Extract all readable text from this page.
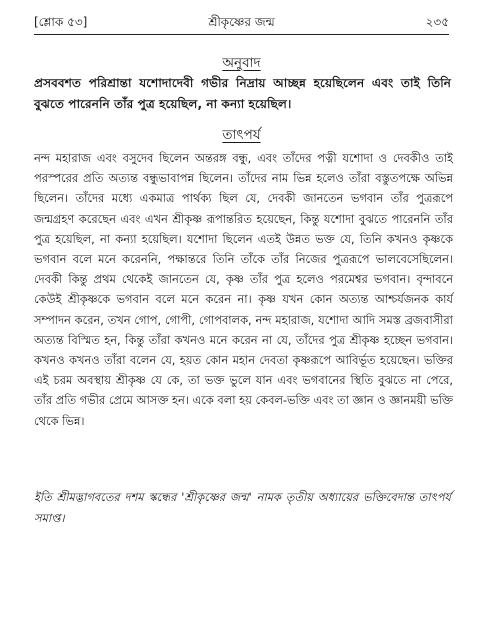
[শ্লোক ৫৩]	শ্রীকৃষ্ণের জন্ম	২৩৫
অনুবাদ
প্রসববশত পরিশ্রান্তা যশোদাদেবী গভীর নিদ্রায় আচ্ছন্ন হয়েছিলেন এবং তাই তিনি বুঝতে পারেননি তাঁর পুত্র হয়েছিল, না কন্যা হয়েছিল।
তাৎপর্য
নন্দ মহারাজ এবং বসুদেব ছিলেন অন্তরঙ্গ বন্ধু, এবং তাঁদের পত্নী যশোদা ও দেবকীও তাই পরস্পরের প্রতি অত্যন্ত বন্ধুভাবাপন্ন ছিলেন। তাঁদের নাম ভিন্ন হলেও তাঁরা বস্তুতপক্ষে অভিন্ন ছিলেন। তাঁদের মধ্যে একমাত্র পার্থক্য ছিল যে, দেবকী জানতেন ভগবান তাঁর পুত্ররূপে জন্মগ্রহণ করেছেন এবং এখন শ্রীকৃষ্ণ রূপান্তরিত হয়েছেন, কিন্তু যশোদা বুঝতে পারেননি তাঁর পুত্র হয়েছিল, না কন্যা হয়েছিল। যশোদা ছিলেন এতই উন্নত ভক্ত যে, তিনি কখনও কৃষ্ণকে ভগবান বলে মনে করেননি, পক্ষান্তরে তিনি তাঁকে তাঁর নিজের পুত্ররূপে ভালবেসেছিলেন। দেবকী কিন্তু প্রথম থেকেই জানতেন যে, কৃষ্ণ তাঁর পুত্র হলেও পরমেশ্বর ভগবান। বৃন্দাবনে কেউই শ্রীকৃষ্ণকে ভগবান বলে মনে করেন না। কৃষ্ণ যখন কোন অত্যন্ত আশ্চর্যজনক কার্য সম্পাদন করেন, তখন গোপ, গোপী, গোপবালক, নন্দ মহারাজ, যশোদা আদি সমস্ত ব্রজবাসীরা অত্যন্ত বিস্মিত হন, কিন্তু তাঁরা কখনও মনে করেন না যে, তাঁদের পুত্র শ্রীকৃষ্ণ হচ্ছেন ভগবান। কখনও কখনও তাঁরা বলেন যে, হয়ত কোন মহান দেবতা কৃষ্ণরূপে আবির্ভূত হয়েছেন। ভক্তির এই চরম অবস্থায় শ্রীকৃষ্ণ যে কে, তা ভক্ত ভুলে যান এবং ভগবানের স্থিতি বুঝতে না পেরে, তাঁর প্রতি গভীর প্রেমে আসক্ত হন। একে বলা হয় কেবল-ভক্তি এবং তা জ্ঞান ও জ্ঞানময়ী ভক্তি থেকে ভিন্ন।
ইতি শ্রীমদ্ভাগবতের দশম স্কন্ধের 'শ্রীকৃষ্ণের জন্ম' নামক তৃতীয় অধ্যায়ের ভক্তিবেদান্ত তাৎপর্য সমাপ্ত।
